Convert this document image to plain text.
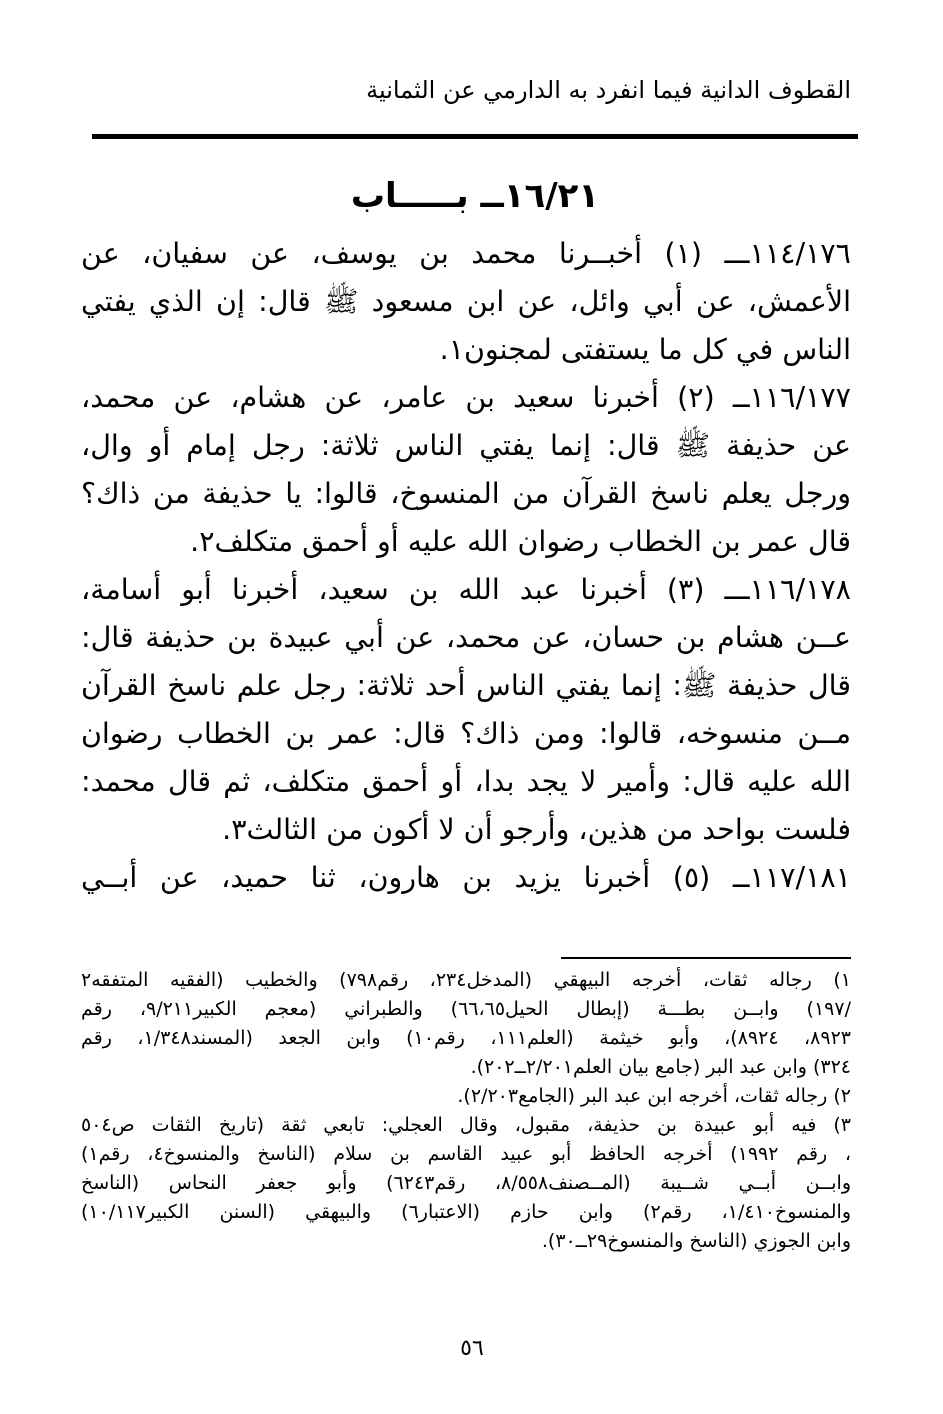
القطوف الدانية فيما انفرد به الدارمي عن الثمانية
١٦/٢١ــ بـــــاب
١١٤/١٧٦ـــ (١) أخبــرنا محمد بن يوسف، عن سفيان، عن
الأعمش، عن أبي وائل، عن ابن مسعود ﷺ قال: إن الذي يفتي
الناس في كل ما يستفتى لمجنون١.
١١٦/١٧٧ــ (٢) أخبرنا سعيد بن عامر، عن هشام، عن محمد،
عن حذيفة ﷺ قال: إنما يفتي الناس ثلاثة: رجل إمام أو وال،
ورجل يعلم ناسخ القرآن من المنسوخ، قالوا: يا حذيفة من ذاك؟
قال عمر بن الخطاب رضوان الله عليه أو أحمق متكلف٢.
١١٦/١٧٨ـــ (٣) أخبرنا عبد الله بن سعيد، أخبرنا أبو أسامة،
عــن هشام بن حسان، عن محمد، عن أبي عبيدة بن حذيفة قال:
قال حذيفة ﷺ: إنما يفتي الناس أحد ثلاثة: رجل علم ناسخ القرآن
مــن منسوخه، قالوا: ومن ذاك؟ قال: عمر بن الخطاب رضوان
الله عليه قال: وأمير لا يجد بدا، أو أحمق متكلف، ثم قال محمد:
فلست بواحد من هذين، وأرجو أن لا أكون من الثالث٣.
١١٧/١٨١ــ (٥) أخبرنا يزيد بن هارون، ثنا حميد، عن أبــي
١) رجاله ثقات، أخرجه البيهقي (المدخل٢٣٤، رقم٧٩٨) والخطيب (الفقيه المتفقه٢
/١٩٧) وابــن بطـــة (إبطال الحيل٦٦،٦٥) والطبراني (معجم الكبير٩/٢١١، رقم
٨٩٢٣، ٨٩٢٤)، وأبو خيثمة (العلم١١١، رقم١٠) وابن الجعد (المسند١/٣٤٨، رقم
٣٢٤) وابن عبد البر (جامع بيان العلم٢/٢٠١ــ٢٠٢).
٢) رجاله ثقات، أخرجه ابن عبد البر (الجامع٢/٢٠٣).
٣) فيه أبو عبيدة بن حذيفة، مقبول، وقال العجلي: تابعي ثقة (تاريخ الثقات ص٥٠٤
، رقم ١٩٩٢) أخرجه الحافظ أبو عبيد القاسم بن سلام (الناسخ والمنسوخ٤، رقم١)
وابــن أبــي شــيبة (المــصنف٨/٥٥٨، رقم٦٢٤٣) وأبو جعفر النحاس (الناسخ
والمنسوخ١/٤١٠، رقم٢) وابن حازم (الاعتبار٦) والبيهقي (السنن الكبير١٠/١١٧)
وابن الجوزي (الناسخ والمنسوخ٢٩ــ٣٠).
٥٦
